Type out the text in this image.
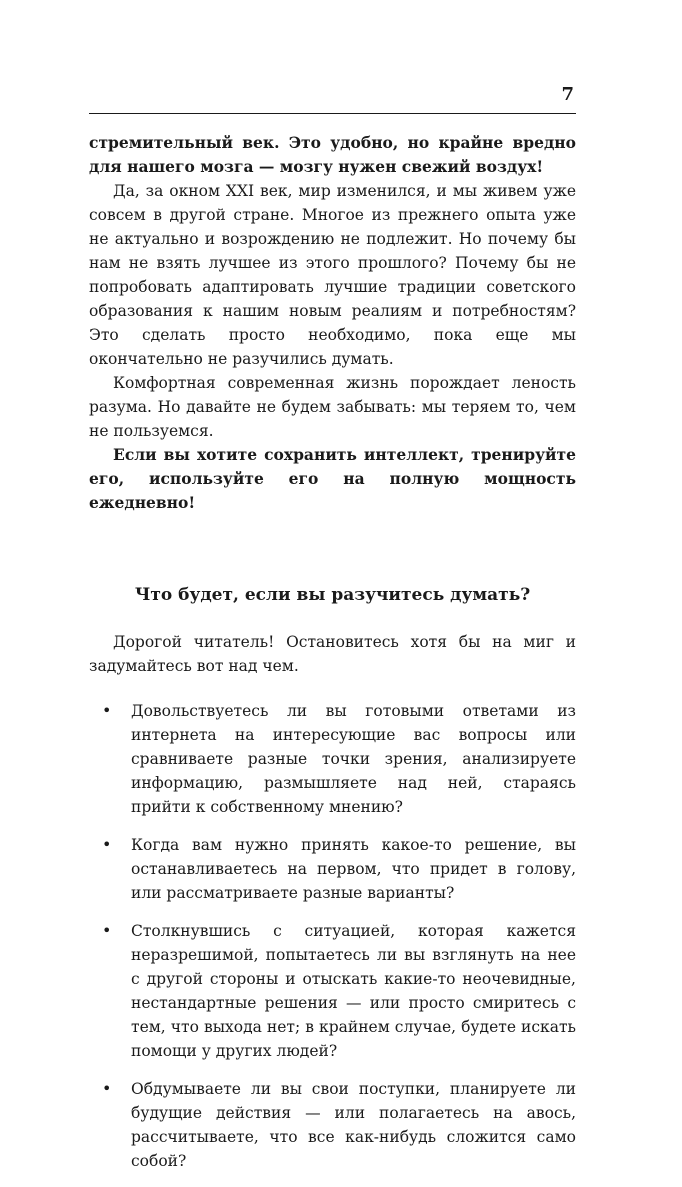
7

стремительный век. Это удобно, но крайне вредно для нашего мозга — мозгу нужен свежий воздух!

Да, за окном XXI век, мир изменился, и мы живем уже совсем в другой стране. Многое из прежнего опыта уже не актуально и возрождению не подлежит. Но почему бы нам не взять лучшее из этого прошлого? Почему бы не попробовать адаптировать лучшие традиции советского образования к нашим новым реалиям и потребностям? Это сделать просто необходимо, пока еще мы окончательно не разучились думать.

Комфортная современная жизнь порождает леность разума. Но давайте не будем забывать: мы теряем то, чем не пользуемся.

Если вы хотите сохранить интеллект, тренируйте его, используйте его на полную мощность ежедневно!

Что будет, если вы разучитесь думать?

Дорогой читатель! Остановитесь хотя бы на миг и задумайтесь вот над чем.

• Довольствуетесь ли вы готовыми ответами из интернета на интересующие вас вопросы или сравниваете разные точки зрения, анализируете информацию, размышляете над ней, стараясь прийти к собственному мнению?
• Когда вам нужно принять какое-то решение, вы останавливаетесь на первом, что придет в голову, или рассматриваете разные варианты?
• Столкнувшись с ситуацией, которая кажется неразрешимой, попытаетесь ли вы взглянуть на нее с другой стороны и отыскать какие-то неочевидные, нестандартные решения — или просто смиритесь с тем, что выхода нет; в крайнем случае, будете искать помощи у других людей?
• Обдумываете ли вы свои поступки, планируете ли будущие действия — или полагаетесь на авось, рассчитываете, что все как-нибудь сложится само собой?
